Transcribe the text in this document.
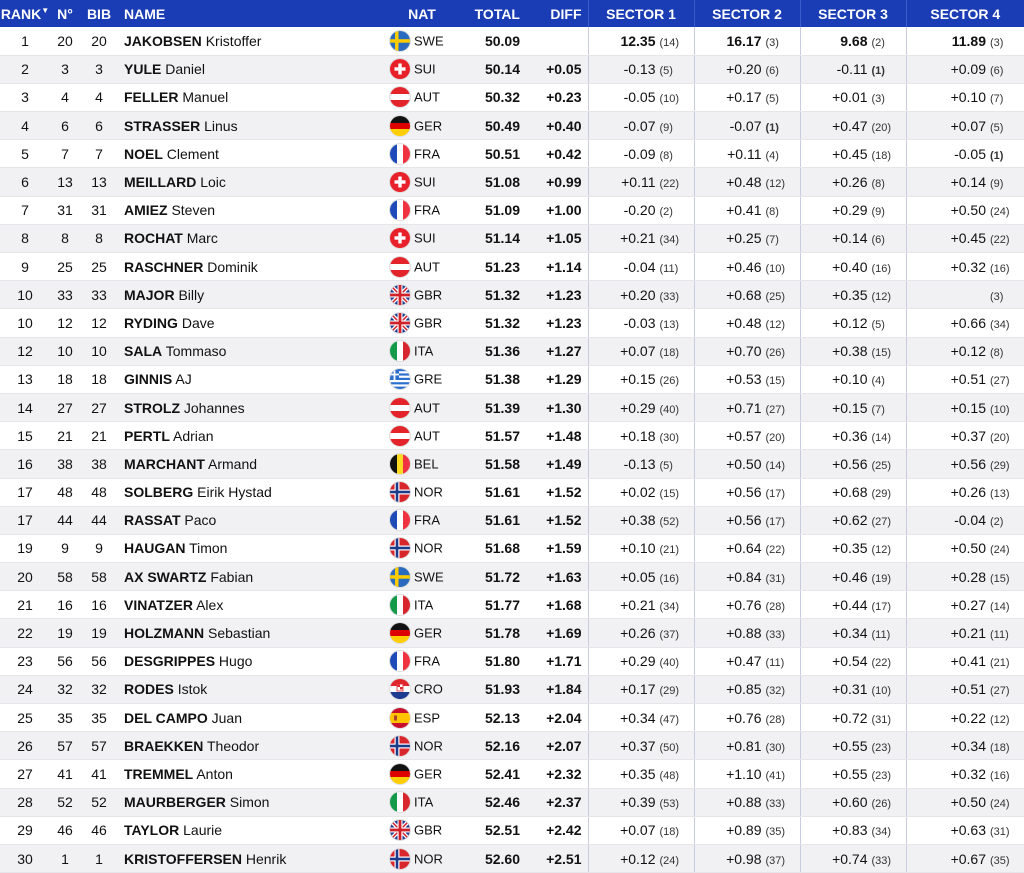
RANK▼	N°	BIB	NAME	NAT	TOTAL	DIFF	SECTOR 1	SECTOR 2	SECTOR 3	SECTOR 4
1	20	20	JAKOBSEN Kristoffer	SWE	50.09		12.35 (14)	16.17 (3)	9.68 (2)	11.89 (3)
2	3	3	YULE Daniel	SUI	50.14	+0.05	-0.13 (5)	+0.20 (6)	-0.11 (1)	+0.09 (6)
3	4	4	FELLER Manuel	AUT	50.32	+0.23	-0.05 (10)	+0.17 (5)	+0.01 (3)	+0.10 (7)
4	6	6	STRASSER Linus	GER	50.49	+0.40	-0.07 (9)	-0.07 (1)	+0.47 (20)	+0.07 (5)
5	7	7	NOEL Clement	FRA	50.51	+0.42	-0.09 (8)	+0.11 (4)	+0.45 (18)	-0.05 (1)
6	13	13	MEILLARD Loic	SUI	51.08	+0.99	+0.11 (22)	+0.48 (12)	+0.26 (8)	+0.14 (9)
7	31	31	AMIEZ Steven	FRA	51.09	+1.00	-0.20 (2)	+0.41 (8)	+0.29 (9)	+0.50 (24)
8	8	8	ROCHAT Marc	SUI	51.14	+1.05	+0.21 (34)	+0.25 (7)	+0.14 (6)	+0.45 (22)
9	25	25	RASCHNER Dominik	AUT	51.23	+1.14	-0.04 (11)	+0.46 (10)	+0.40 (16)	+0.32 (16)
10	33	33	MAJOR Billy	GBR	51.32	+1.23	+0.20 (33)	+0.68 (25)	+0.35 (12)	(3)
10	12	12	RYDING Dave	GBR	51.32	+1.23	-0.03 (13)	+0.48 (12)	+0.12 (5)	+0.66 (34)
12	10	10	SALA Tommaso	ITA	51.36	+1.27	+0.07 (18)	+0.70 (26)	+0.38 (15)	+0.12 (8)
13	18	18	GINNIS AJ	GRE	51.38	+1.29	+0.15 (26)	+0.53 (15)	+0.10 (4)	+0.51 (27)
14	27	27	STROLZ Johannes	AUT	51.39	+1.30	+0.29 (40)	+0.71 (27)	+0.15 (7)	+0.15 (10)
15	21	21	PERTL Adrian	AUT	51.57	+1.48	+0.18 (30)	+0.57 (20)	+0.36 (14)	+0.37 (20)
16	38	38	MARCHANT Armand	BEL	51.58	+1.49	-0.13 (5)	+0.50 (14)	+0.56 (25)	+0.56 (29)
17	48	48	SOLBERG Eirik Hystad	NOR	51.61	+1.52	+0.02 (15)	+0.56 (17)	+0.68 (29)	+0.26 (13)
17	44	44	RASSAT Paco	FRA	51.61	+1.52	+0.38 (52)	+0.56 (17)	+0.62 (27)	-0.04 (2)
19	9	9	HAUGAN Timon	NOR	51.68	+1.59	+0.10 (21)	+0.64 (22)	+0.35 (12)	+0.50 (24)
20	58	58	AX SWARTZ Fabian	SWE	51.72	+1.63	+0.05 (16)	+0.84 (31)	+0.46 (19)	+0.28 (15)
21	16	16	VINATZER Alex	ITA	51.77	+1.68	+0.21 (34)	+0.76 (28)	+0.44 (17)	+0.27 (14)
22	19	19	HOLZMANN Sebastian	GER	51.78	+1.69	+0.26 (37)	+0.88 (33)	+0.34 (11)	+0.21 (11)
23	56	56	DESGRIPPES Hugo	FRA	51.80	+1.71	+0.29 (40)	+0.47 (11)	+0.54 (22)	+0.41 (21)
24	32	32	RODES Istok	CRO	51.93	+1.84	+0.17 (29)	+0.85 (32)	+0.31 (10)	+0.51 (27)
25	35	35	DEL CAMPO Juan	ESP	52.13	+2.04	+0.34 (47)	+0.76 (28)	+0.72 (31)	+0.22 (12)
26	57	57	BRAEKKEN Theodor	NOR	52.16	+2.07	+0.37 (50)	+0.81 (30)	+0.55 (23)	+0.34 (18)
27	41	41	TREMMEL Anton	GER	52.41	+2.32	+0.35 (48)	+1.10 (41)	+0.55 (23)	+0.32 (16)
28	52	52	MAURBERGER Simon	ITA	52.46	+2.37	+0.39 (53)	+0.88 (33)	+0.60 (26)	+0.50 (24)
29	46	46	TAYLOR Laurie	GBR	52.51	+2.42	+0.07 (18)	+0.89 (35)	+0.83 (34)	+0.63 (31)
30	1	1	KRISTOFFERSEN Henrik	NOR	52.60	+2.51	+0.12 (24)	+0.98 (37)	+0.74 (33)	+0.67 (35)
